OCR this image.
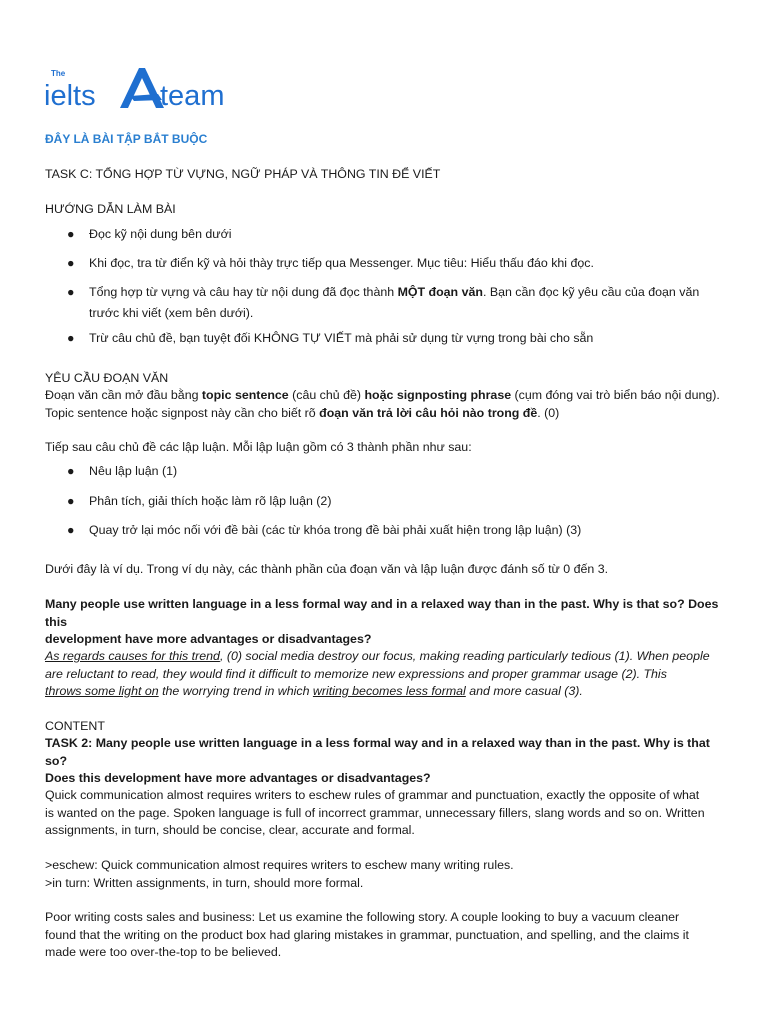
The
ielts team
ĐÂY LÀ BÀI TẬP BẮT BUỘC
TASK C: TỔNG HỢP TỪ VỰNG, NGỮ PHÁP VÀ THÔNG TIN ĐỂ VIẾT
HƯỚNG DẪN LÀM BÀI
● Đọc kỹ nội dung bên dưới
● Khi đọc, tra từ điển kỹ và hỏi thày trực tiếp qua Messenger. Mục tiêu: Hiểu thấu đáo khi đọc.
● Tổng hợp từ vựng và câu hay từ nội dung đã đọc thành MỘT đoạn văn. Bạn cần đọc kỹ yêu cầu của đoạn văn
trước khi viết (xem bên dưới).
● Trừ câu chủ đề, bạn tuyệt đối KHÔNG TỰ VIẾT mà phải sử dụng từ vựng trong bài cho sẵn
YÊU CẦU ĐOẠN VĂN
Đoạn văn cần mở đầu bằng topic sentence (câu chủ đề) hoặc signposting phrase (cụm đóng vai trò biển báo nội dung).
Topic sentence hoặc signpost này cần cho biết rõ đoạn văn trả lời câu hỏi nào trong đề. (0)
Tiếp sau câu chủ đề các lập luận. Mỗi lập luận gồm có 3 thành phần như sau:
● Nêu lập luận (1)
● Phân tích, giải thích hoặc làm rõ lập luận (2)
● Quay trở lại móc nối với đề bài (các từ khóa trong đề bài phải xuất hiện trong lập luận) (3)
Dưới đây là ví dụ. Trong ví dụ này, các thành phần của đoạn văn và lập luận được đánh số từ 0 đến 3.
Many people use written language in a less formal way and in a relaxed way than in the past. Why is that so? Does this
development have more advantages or disadvantages?
As regards causes for this trend, (0) social media destroy our focus, making reading particularly tedious (1). When people
are reluctant to read, they would find it difficult to memorize new expressions and proper grammar usage (2). This
throws some light on the worrying trend in which writing becomes less formal and more casual (3).
CONTENT
TASK 2: Many people use written language in a less formal way and in a relaxed way than in the past. Why is that so?
Does this development have more advantages or disadvantages?
Quick communication almost requires writers to eschew rules of grammar and punctuation, exactly the opposite of what
is wanted on the page. Spoken language is full of incorrect grammar, unnecessary fillers, slang words and so on. Written
assignments, in turn, should be concise, clear, accurate and formal.
>eschew: Quick communication almost requires writers to eschew many writing rules.
>in turn: Written assignments, in turn, should more formal.
Poor writing costs sales and business: Let us examine the following story. A couple looking to buy a vacuum cleaner
found that the writing on the product box had glaring mistakes in grammar, punctuation, and spelling, and the claims it
made were too over-the-top to be believed.
